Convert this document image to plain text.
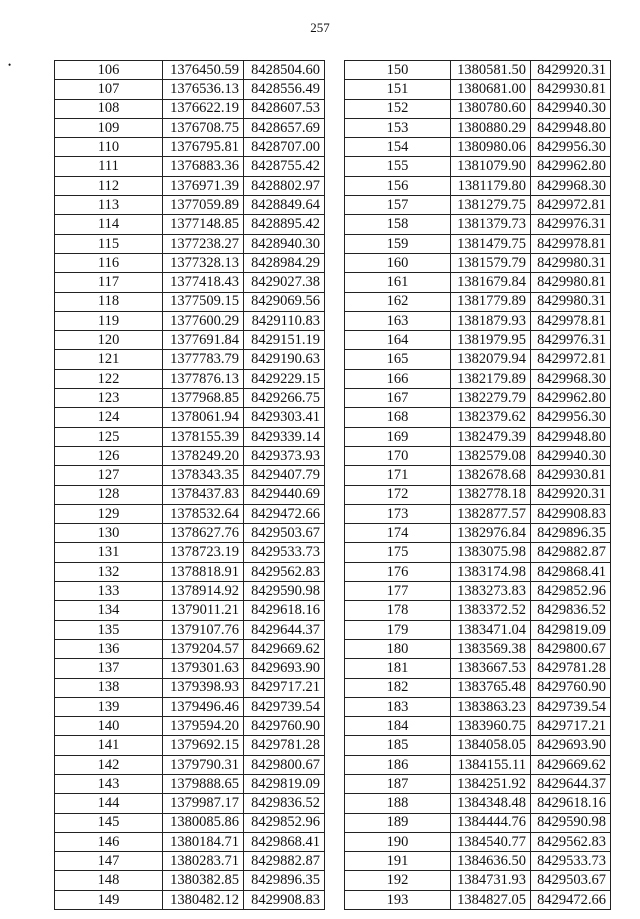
257
•	106	1376450.59	8428504.60
107	1376536.13	8428556.49
108	1376622.19	8428607.53
109	1376708.75	8428657.69
110	1376795.81	8428707.00
111	1376883.36	8428755.42
112	1376971.39	8428802.97
113	1377059.89	8428849.64
114	1377148.85	8428895.42
115	1377238.27	8428940.30
116	1377328.13	8428984.29
117	1377418.43	8429027.38
118	1377509.15	8429069.56
119	1377600.29	8429110.83
120	1377691.84	8429151.19
121	1377783.79	8429190.63
122	1377876.13	8429229.15
123	1377968.85	8429266.75
124	1378061.94	8429303.41
125	1378155.39	8429339.14
126	1378249.20	8429373.93
127	1378343.35	8429407.79
128	1378437.83	8429440.69
129	1378532.64	8429472.66
130	1378627.76	8429503.67
131	1378723.19	8429533.73
132	1378818.91	8429562.83
133	1378914.92	8429590.98
134	1379011.21	8429618.16
135	1379107.76	8429644.37
136	1379204.57	8429669.62
137	1379301.63	8429693.90
138	1379398.93	8429717.21
139	1379496.46	8429739.54
140	1379594.20	8429760.90
141	1379692.15	8429781.28
142	1379790.31	8429800.67
143	1379888.65	8429819.09
144	1379987.17	8429836.52
145	1380085.86	8429852.96
146	1380184.71	8429868.41
147	1380283.71	8429882.87
148	1380382.85	8429896.35
149	1380482.12	8429908.83
150	1380581.50	8429920.31
151	1380681.00	8429930.81
152	1380780.60	8429940.30
153	1380880.29	8429948.80
154	1380980.06	8429956.30
155	1381079.90	8429962.80
156	1381179.80	8429968.30
157	1381279.75	8429972.81
158	1381379.73	8429976.31
159	1381479.75	8429978.81
160	1381579.79	8429980.31
161	1381679.84	8429980.81
162	1381779.89	8429980.31
163	1381879.93	8429978.81
164	1381979.95	8429976.31
165	1382079.94	8429972.81
166	1382179.89	8429968.30
167	1382279.79	8429962.80
168	1382379.62	8429956.30
169	1382479.39	8429948.80
170	1382579.08	8429940.30
171	1382678.68	8429930.81
172	1382778.18	8429920.31
173	1382877.57	8429908.83
174	1382976.84	8429896.35
175	1383075.98	8429882.87
176	1383174.98	8429868.41
177	1383273.83	8429852.96
178	1383372.52	8429836.52
179	1383471.04	8429819.09
180	1383569.38	8429800.67
181	1383667.53	8429781.28
182	1383765.48	8429760.90
183	1383863.23	8429739.54
184	1383960.75	8429717.21
185	1384058.05	8429693.90
186	1384155.11	8429669.62
187	1384251.92	8429644.37
188	1384348.48	8429618.16
189	1384444.76	8429590.98
190	1384540.77	8429562.83
191	1384636.50	8429533.73
192	1384731.93	8429503.67
193	1384827.05	8429472.66
